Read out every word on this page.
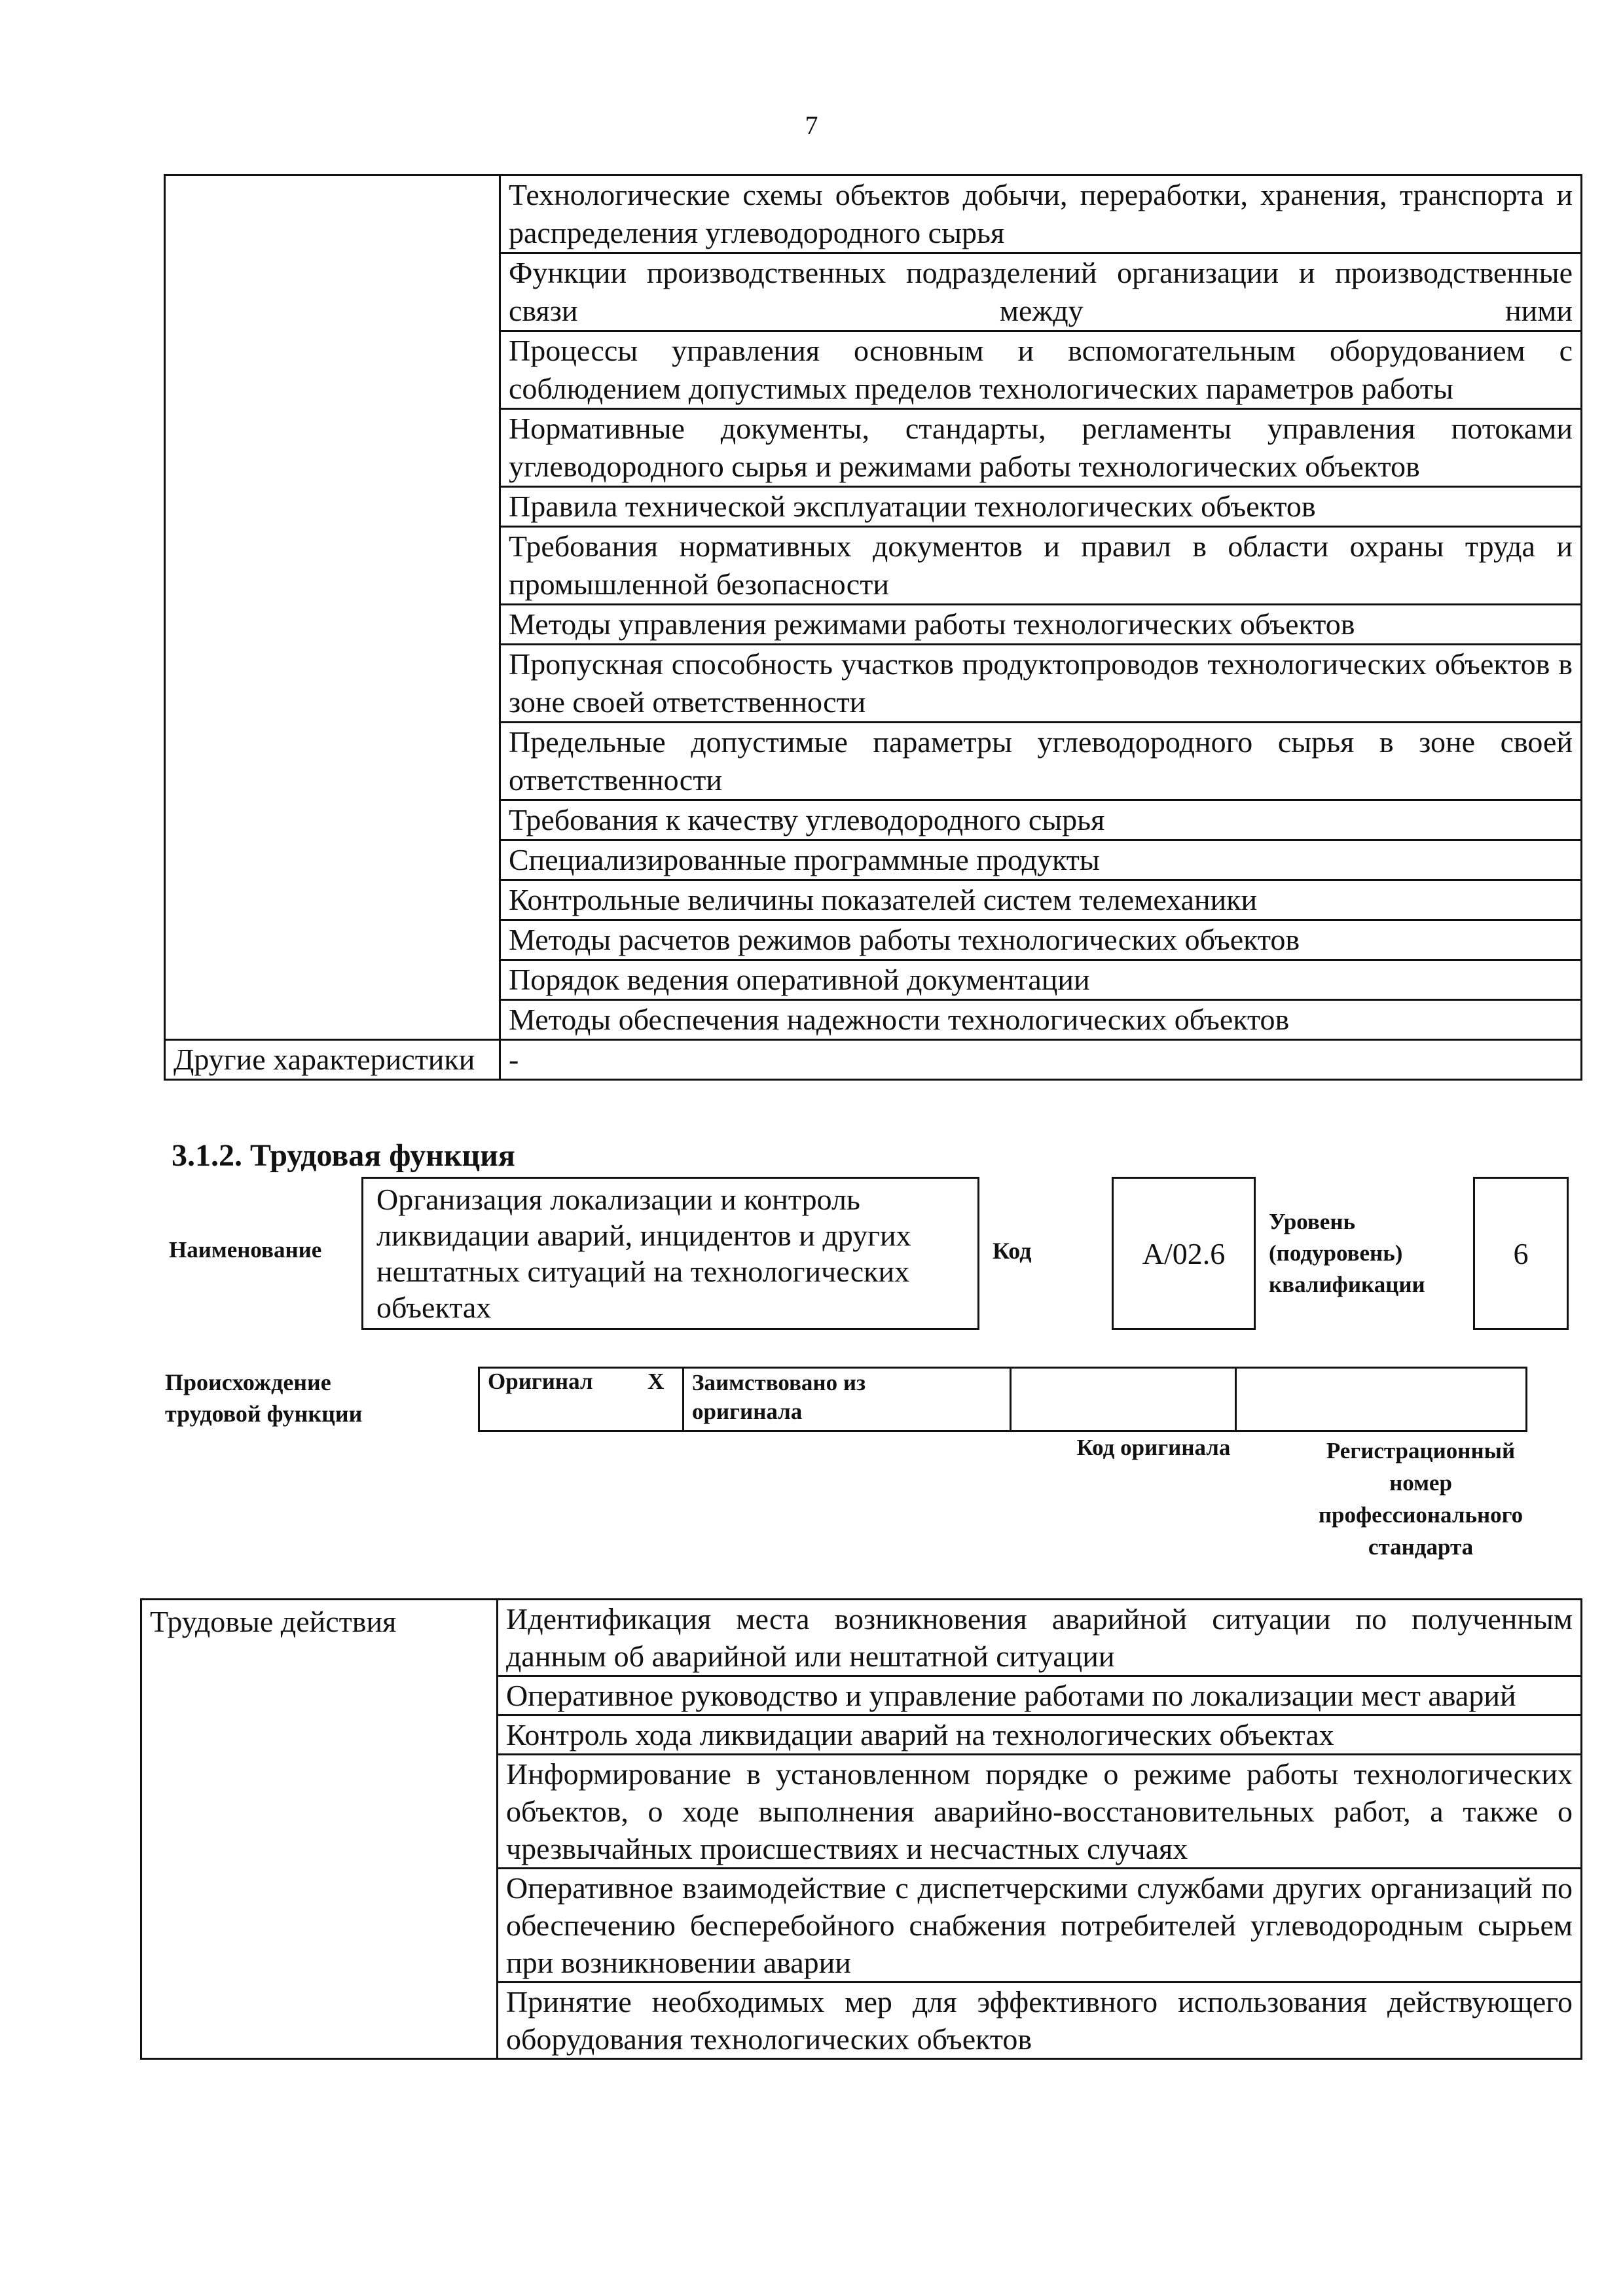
7
	Технологические схемы объектов добычи, переработки, хранения, транспорта и распределения углеводородного сырья
	Функции производственных подразделений организации и производственные связи между ними
	Процессы управления основным и вспомогательным оборудованием с соблюдением допустимых пределов технологических параметров работы
	Нормативные документы, стандарты, регламенты управления потоками углеводородного сырья и режимами работы технологических объектов
	Правила технической эксплуатации технологических объектов
	Требования нормативных документов и правил в области охраны труда и промышленной безопасности
	Методы управления режимами работы технологических объектов
	Пропускная способность участков продуктопроводов технологических объектов в зоне своей ответственности
	Предельные допустимые параметры углеводородного сырья в зоне своей ответственности
	Требования к качеству углеводородного сырья
	Специализированные программные продукты
	Контрольные величины показателей систем телемеханики
	Методы расчетов режимов работы технологических объектов
	Порядок ведения оперативной документации
	Методы обеспечения надежности технологических объектов
Другие характеристики	-
3.1.2. Трудовая функция
Наименование
Организация локализации и контроль ликвидации аварий, инцидентов и других нештатных ситуаций на технологических объектах
Код	A/02.6
Уровень
(подуровень)
квалификации
6
Происхождение
трудовой функции
Оригинал	X	Заимствовано из
оригинала

Код оригинала	Регистрационный
номер
профессионального
стандарта
Трудовые действия	Идентификация места возникновения аварийной ситуации по полученным данным об аварийной или нештатной ситуации
Оперативное руководство и управление работами по локализации мест аварий
Контроль хода ликвидации аварий на технологических объектах
Информирование в установленном порядке о режиме работы технологических объектов, о ходе выполнения аварийно-восстановительных работ, а также о чрезвычайных происшествиях и несчастных случаях
Оперативное взаимодействие с диспетчерскими службами других организаций по обеспечению бесперебойного снабжения потребителей углеводородным сырьем при возникновении аварии
Принятие необходимых мер для эффективного использования действующего оборудования технологических объектов
